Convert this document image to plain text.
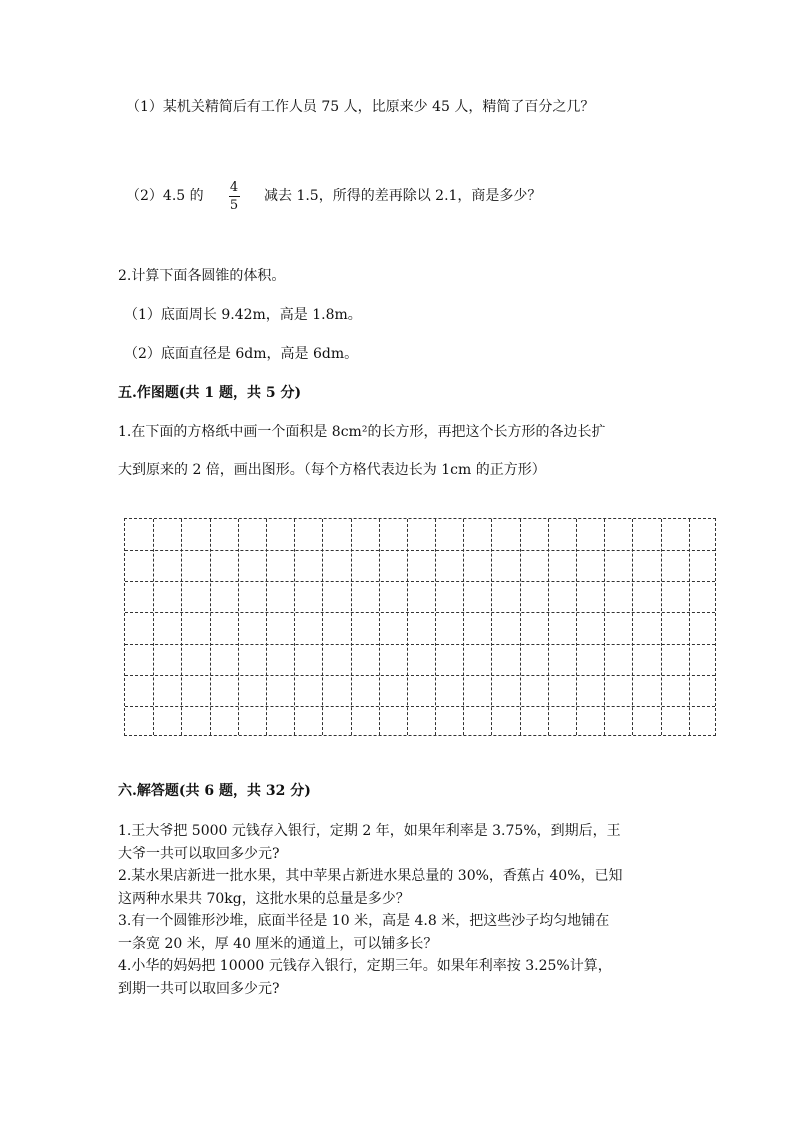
（1）某机关精简后有工作人员 75 人，比原来少 45 人，精简了百分之几？
（2）4.5 的
4
5
减去 1.5，所得的差再除以 2.1，商是多少？
2.计算下面各圆锥的体积。
（1）底面周长 9.42m，高是 1.8m。
（2）底面直径是 6dm，高是 6dm。
五.作图题(共 1 题，共 5 分)
1.在下面的方格纸中画一个面积是 8cm²的长方形，再把这个长方形的各边长扩
大到原来的 2 倍，画出图形。（每个方格代表边长为 1cm 的正方形）
六.解答题(共 6 题，共 32 分)
1.王大爷把 5000 元钱存入银行，定期 2 年，如果年利率是 3.75%，到期后，王
大爷一共可以取回多少元?
2.某水果店新进一批水果，其中苹果占新进水果总量的 30%，香蕉占 40%，已知
这两种水果共 70kg，这批水果的总量是多少？
3.有一个圆锥形沙堆，底面半径是 10 米，高是 4.8 米，把这些沙子均匀地铺在
一条宽 20 米，厚 40 厘米的通道上，可以铺多长？
4.小华的妈妈把 10000 元钱存入银行，定期三年。如果年利率按 3.25%计算，
到期一共可以取回多少元?
